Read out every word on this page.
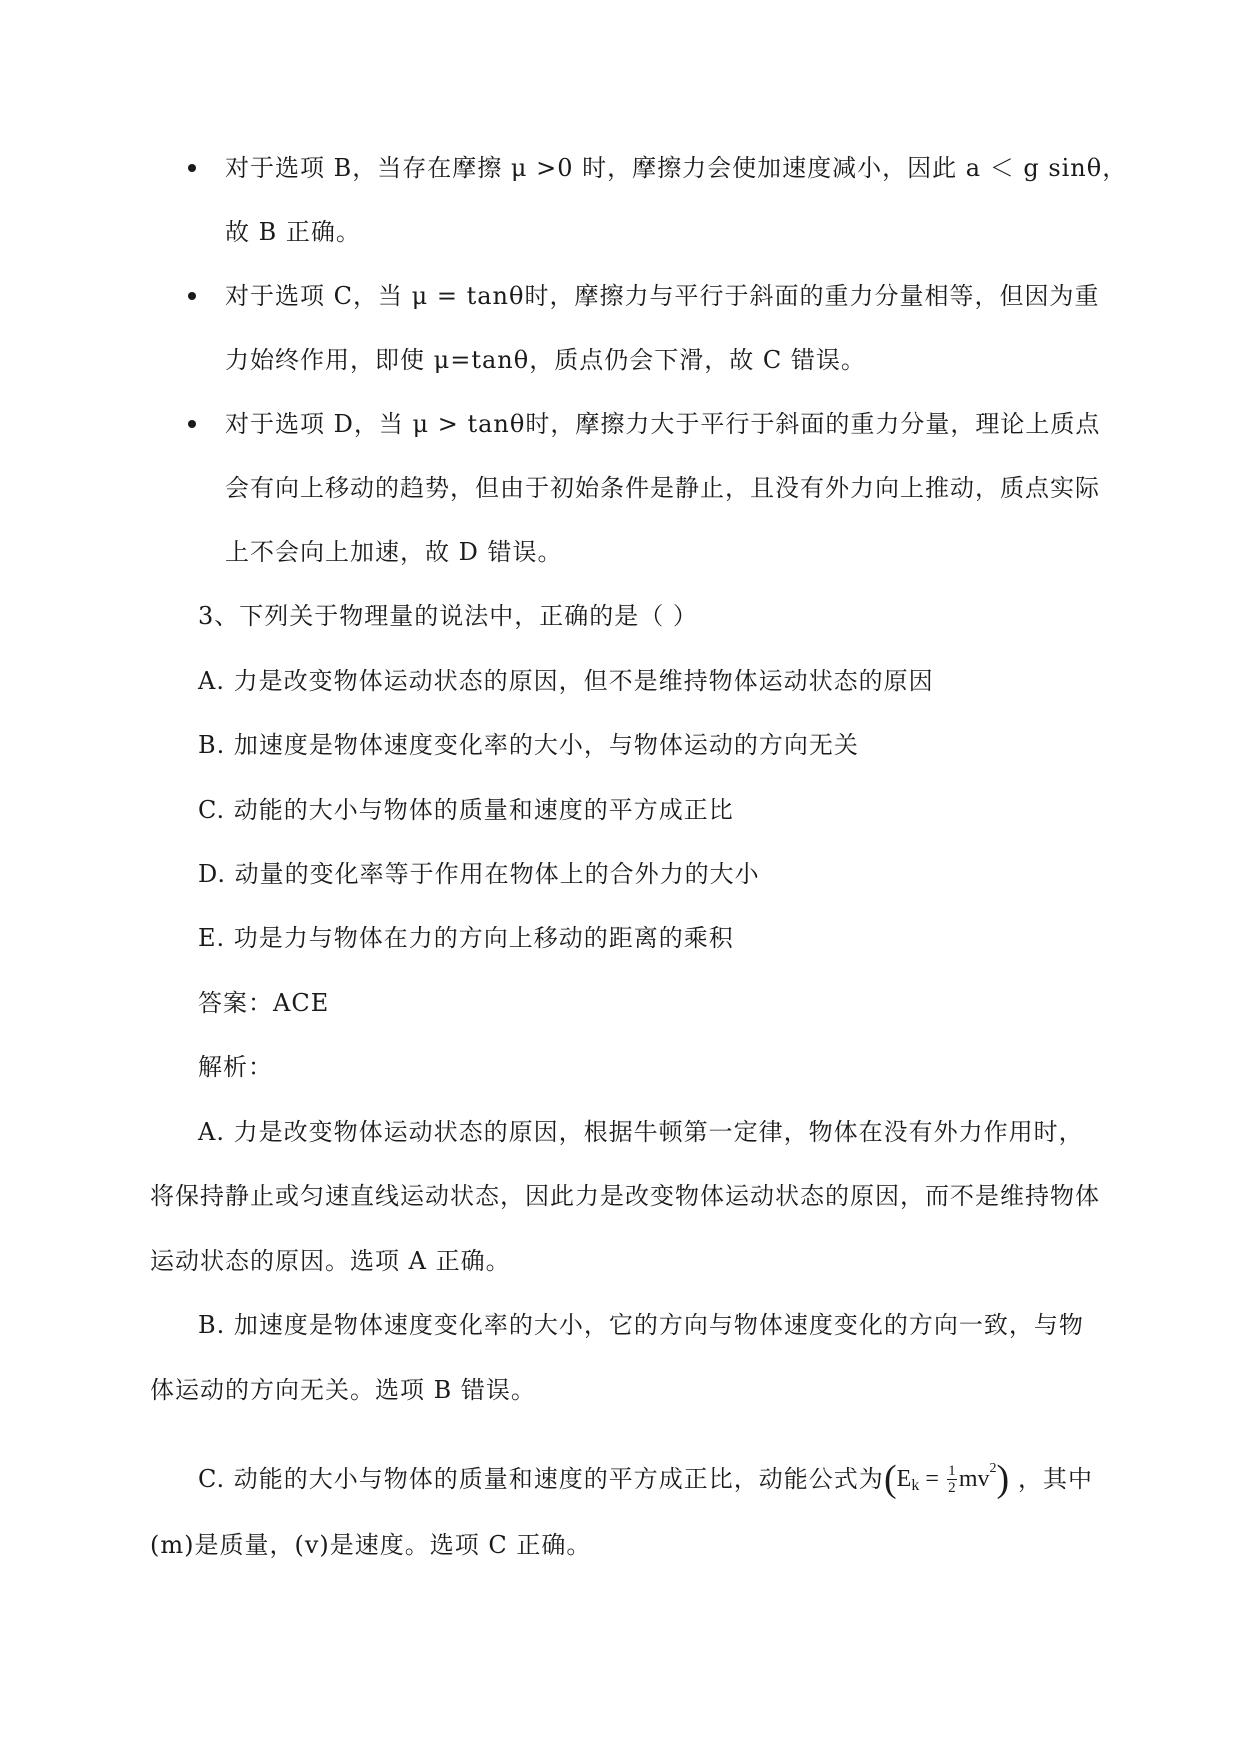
对于选项 B，当存在摩擦 μ >0 时，摩擦力会使加速度减小，因此 a ＜ g sinθ，
故 B 正确。
对于选项 C，当 μ = tanθ时，摩擦力与平行于斜面的重力分量相等，但因为重
力始终作用，即使 μ=tanθ，质点仍会下滑，故 C 错误。
对于选项 D，当 μ > tanθ时，摩擦力大于平行于斜面的重力分量，理论上质点
会有向上移动的趋势，但由于初始条件是静止，且没有外力向上推动，质点实际
上不会向上加速，故 D 错误。
3、下列关于物理量的说法中，正确的是（ ）
A. 力是改变物体运动状态的原因，但不是维持物体运动状态的原因
B. 加速度是物体速度变化率的大小，与物体运动的方向无关
C. 动能的大小与物体的质量和速度的平方成正比
D. 动量的变化率等于作用在物体上的合外力的大小
E. 功是力与物体在力的方向上移动的距离的乘积
答案：ACE
解析：
A. 力是改变物体运动状态的原因，根据牛顿第一定律，物体在没有外力作用时，
将保持静止或匀速直线运动状态，因此力是改变物体运动状态的原因，而不是维持物体
运动状态的原因。选项 A 正确。
B. 加速度是物体速度变化率的大小，它的方向与物体速度变化的方向一致，与物
体运动的方向无关。选项 B 错误。
C. 动能的大小与物体的质量和速度的平方成正比，动能公式为 ( E $k = \frac{1}{2}$ mv 2 ) ，其中
(m)是质量，(v)是速度。选项 C 正确。
